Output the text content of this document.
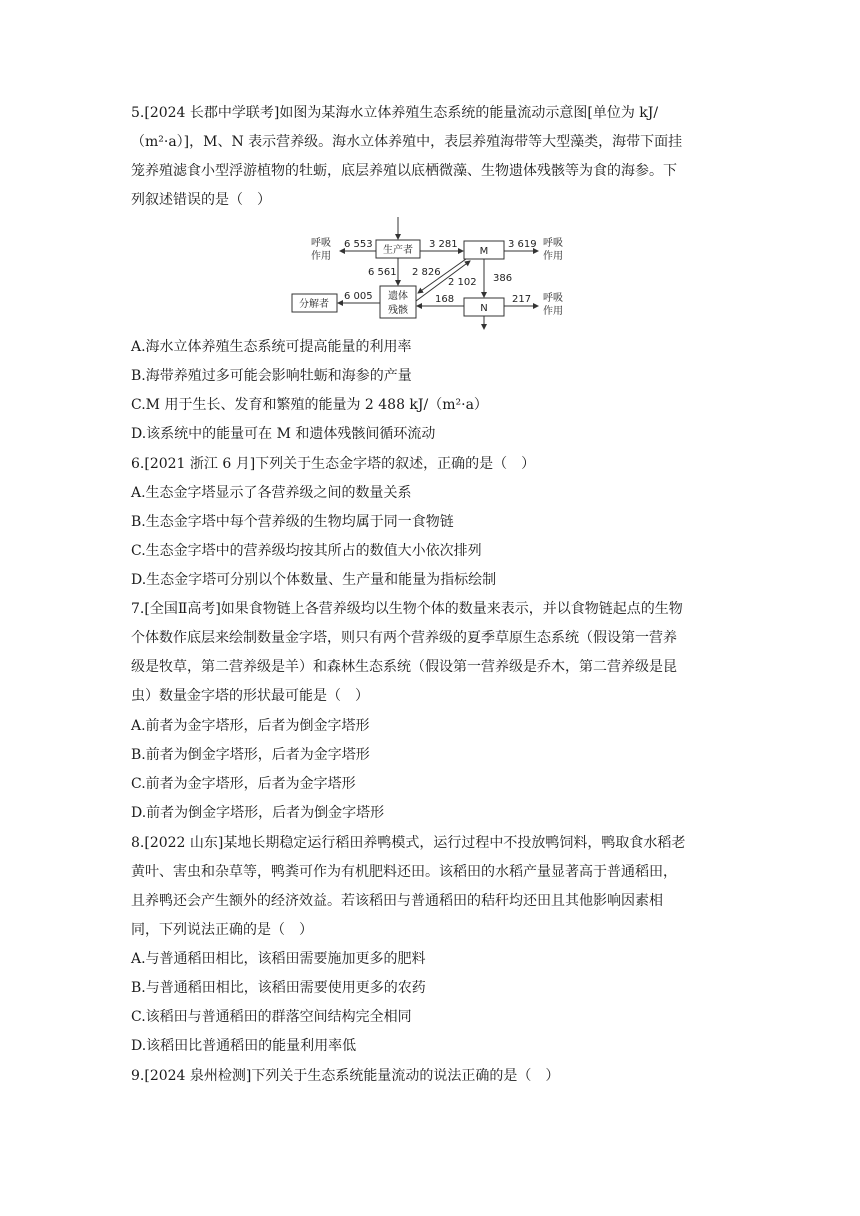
5.[2024 长郡中学联考]如图为某海水立体养殖生态系统的能量流动示意图[单位为 kJ/
（m²·a）]，M、N 表示营养级。海水立体养殖中，表层养殖海带等大型藻类，海带下面挂
笼养殖滤食小型浮游植物的牡蛎，底层养殖以底栖微藻、生物遗体残骸等为食的海参。下
列叙述错误的是（　）
生产者
6 553
呼吸
作用
3 281
M
3 619 呼吸
作用
6 561
遗体
残骸
2 826
2 102 386
N
168	217 呼吸
作用
6 005
分解者
A.海水立体养殖生态系统可提高能量的利用率
B.海带养殖过多可能会影响牡蛎和海参的产量
C.M 用于生长、发育和繁殖的能量为 2 488 kJ/（m²·a）
D.该系统中的能量可在 M 和遗体残骸间循环流动
6.[2021 浙江 6 月]下列关于生态金字塔的叙述，正确的是（　）
A.生态金字塔显示了各营养级之间的数量关系
B.生态金字塔中每个营养级的生物均属于同一食物链
C.生态金字塔中的营养级均按其所占的数值大小依次排列
D.生态金字塔可分别以个体数量、生产量和能量为指标绘制
7.[全国Ⅱ高考]如果食物链上各营养级均以生物个体的数量来表示，并以食物链起点的生物
个体数作底层来绘制数量金字塔，则只有两个营养级的夏季草原生态系统（假设第一营养
级是牧草，第二营养级是羊）和森林生态系统（假设第一营养级是乔木，第二营养级是昆
虫）数量金字塔的形状最可能是（　）
A.前者为金字塔形，后者为倒金字塔形
B.前者为倒金字塔形，后者为金字塔形
C.前者为金字塔形，后者为金字塔形
D.前者为倒金字塔形，后者为倒金字塔形
8.[2022 山东]某地长期稳定运行稻田养鸭模式，运行过程中不投放鸭饲料，鸭取食水稻老
黄叶、害虫和杂草等，鸭粪可作为有机肥料还田。该稻田的水稻产量显著高于普通稻田，
且养鸭还会产生额外的经济效益。若该稻田与普通稻田的秸秆均还田且其他影响因素相
同，下列说法正确的是（　）
A.与普通稻田相比，该稻田需要施加更多的肥料
B.与普通稻田相比，该稻田需要使用更多的农药
C.该稻田与普通稻田的群落空间结构完全相同
D.该稻田比普通稻田的能量利用率低
9.[2024 泉州检测]下列关于生态系统能量流动的说法正确的是（　）
